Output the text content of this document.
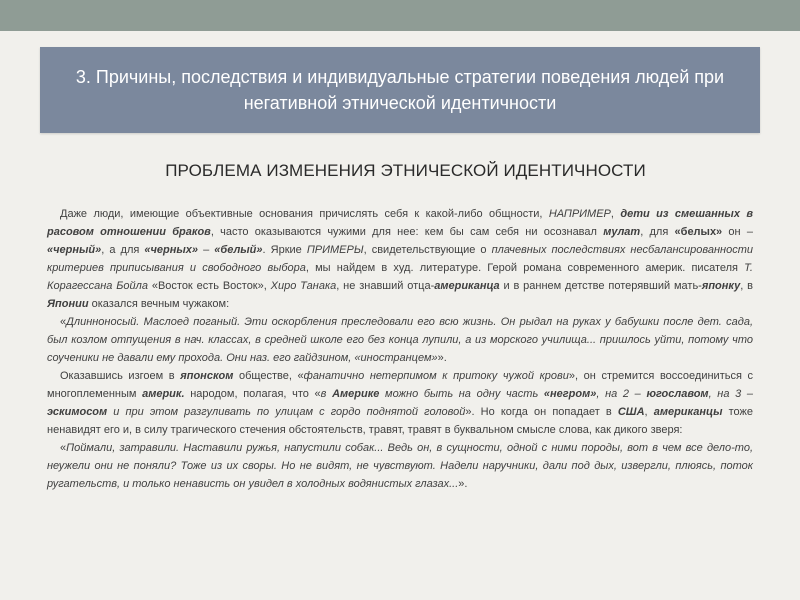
3. Причины, последствия и индивидуальные стратегии поведения людей при негативной этнической идентичности
ПРОБЛЕМА ИЗМЕНЕНИЯ ЭТНИЧЕСКОЙ ИДЕНТИЧНОСТИ

Даже люди, имеющие объективные основания причислять себя к какой-либо общности, НАПРИМЕР, дети из смешанных в расовом отношении браков, часто оказываются чужими для нее: кем бы сам себя ни осознавал мулат, для «белых» он – «черный», а для «черных» – «белый». Яркие ПРИМЕРЫ, свидетельствующие о плачевных последствиях несбалансированности критериев приписывания и свободного выбора, мы найдем в худ. литературе. Герой романа современного америк. писателя Т. Корагессана Бойла «Восток есть Восток», Хиро Танака, не знавший отца-американца и в раннем детстве потерявший мать-японку, в Японии оказался вечным чужаком:

«Длинноносый. Маслоед поганый. Эти оскорбления преследовали его всю жизнь. Он рыдал на руках у бабушки после дет. сада, был козлом отпущения в нач. классах, в средней школе его без конца лупили, а из морского училища... пришлось уйти, потому что соученики не давали ему прохода. Они наз. его гайдзином, «иностранцем»».

Оказавшись изгоем в японском обществе, «фанатично нетерпимом к притоку чужой крови», он стремится воссоединиться с многоплеменным америк. народом, полагая, что «в Америке можно быть на одну часть «негром», на 2 – югославом, на 3 – эскимосом и при этом разгуливать по улицам с гордо поднятой головой». Но когда он попадает в США, американцы тоже ненавидят его и, в силу трагического стечения обстоятельств, травят, травят в буквальном смысле слова, как дикого зверя:

«Поймали, затравили. Наставили ружья, напустили собак... Ведь он, в сущности, одной с ними породы, вот в чем все дело-то, неужели они не поняли? Тоже из их своры. Но не видят, не чувствуют. Надели наручники, дали под дых, извергли, плюясь, поток ругательств, и только ненависть он увидел в холодных водянистых глазах...».
